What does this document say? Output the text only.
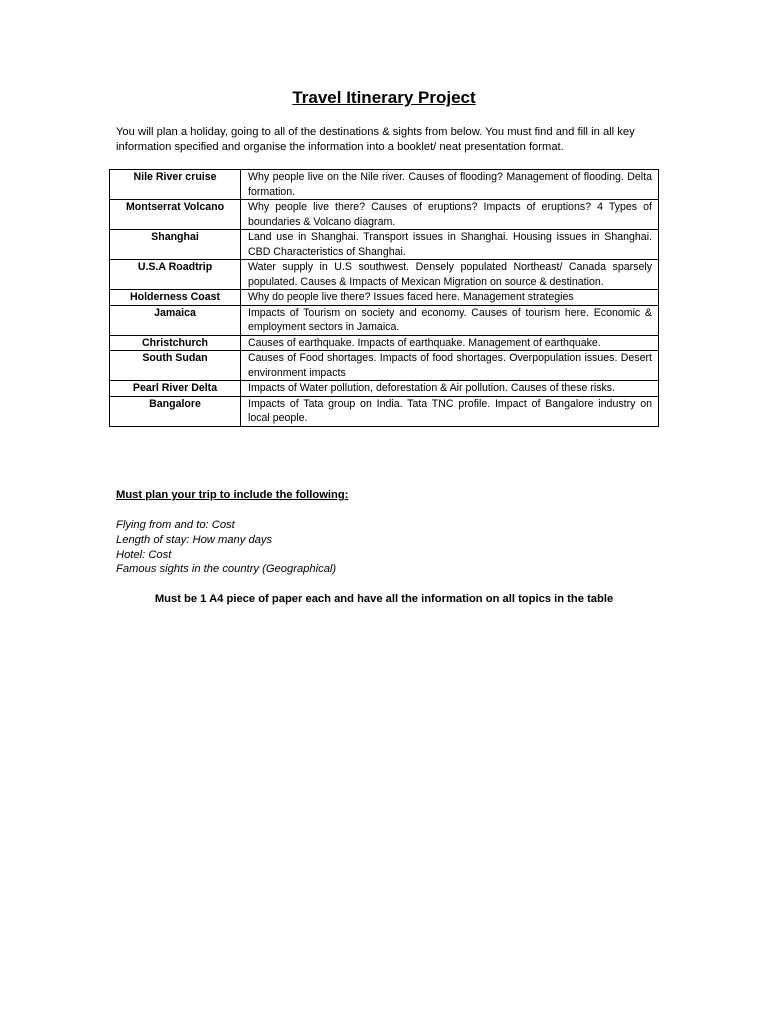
Travel Itinerary Project
You will plan a holiday, going to all of the destinations & sights from below. You must find and fill in all key information specified and organise the information into a booklet/ neat presentation format.
Nile River cruise	Why people live on the Nile river. Causes of flooding? Management of flooding. Delta formation.
Montserrat Volcano	Why people live there? Causes of eruptions? Impacts of eruptions? 4 Types of boundaries & Volcano diagram.
Shanghai	Land use in Shanghai. Transport issues in Shanghai. Housing issues in Shanghai. CBD Characteristics of Shanghai.
U.S.A Roadtrip	Water supply in U.S southwest. Densely populated Northeast/ Canada sparsely populated. Causes & Impacts of Mexican Migration on source & destination.
Holderness Coast	Why do people live there? Issues faced here. Management strategies
Jamaica	Impacts of Tourism on society and economy. Causes of tourism here. Economic & employment sectors in Jamaica.
Christchurch	Causes of earthquake. Impacts of earthquake. Management of earthquake.
South Sudan	Causes of Food shortages. Impacts of food shortages. Overpopulation issues. Desert environment impacts
Pearl River Delta	Impacts of Water pollution, deforestation & Air pollution. Causes of these risks.
Bangalore	Impacts of Tata group on India. Tata TNC profile. Impact of Bangalore industry on local people.
Must plan your trip to include the following:
Flying from and to: Cost
Length of stay: How many days
Hotel: Cost
Famous sights in the country (Geographical)
Must be 1 A4 piece of paper each and have all the information on all topics in the table
